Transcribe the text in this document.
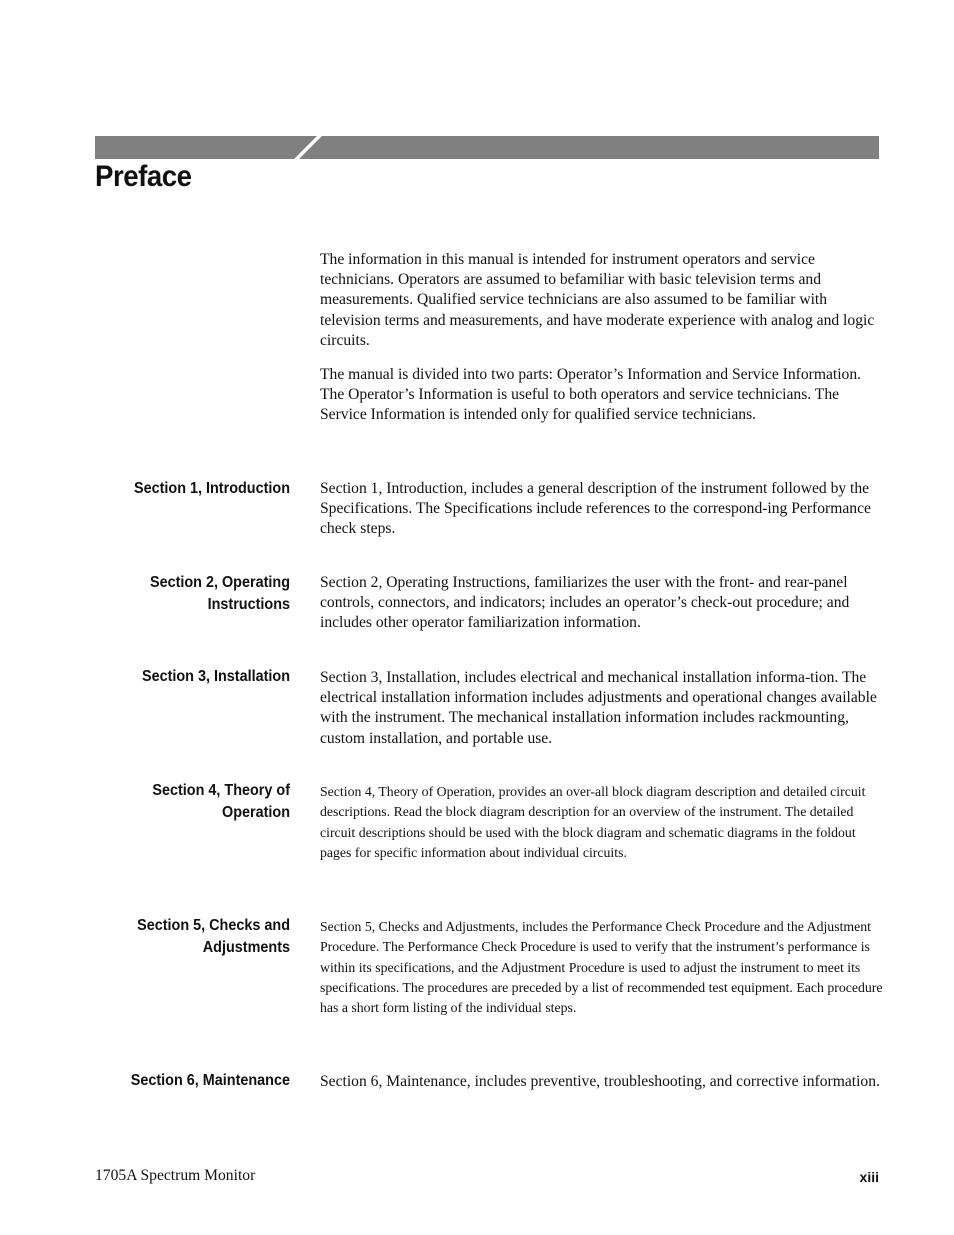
Preface

The information in this manual is intended for instrument operators and service technicians. Operators are assumed to befamiliar with basic television terms and measurements. Qualified service technicians are also assumed to be familiar with television terms and measurements, and have moderate experience with analog and logic circuits.

The manual is divided into two parts: Operator’s Information and Service Information. The Operator’s Information is useful to both operators and service technicians. The Service Information is intended only for qualified service technicians.

Section 1, Introduction Section 1, Introduction, includes a general description of the instrument followed by the Specifications. The Specifications include references to the correspond-ing Performance check steps.

Section 2, Operating
Instructions

Section 2, Operating Instructions, familiarizes the user with the front- and rear-panel controls, connectors, and indicators; includes an operator’s check-out procedure; and includes other operator familiarization information.

Section 3, Installation Section 3, Installation, includes electrical and mechanical installation informa-tion. The electrical installation information includes adjustments and operational changes available with the instrument. The mechanical installation information includes rackmounting, custom installation, and portable use.

Section 4, Theory of
Operation

Section 4, Theory of Operation, provides an over-all block diagram description and detailed circuit descriptions. Read the block diagram description for an overview of the instrument. The detailed circuit descriptions should be used with the block diagram and schematic diagrams in the foldout pages for specific information about individual circuits.

Section 5, Checks and
Adjustments

Section 5, Checks and Adjustments, includes the Performance Check Procedure and the Adjustment Procedure. The Performance Check Procedure is used to verify that the instrument’s performance is within its specifications, and the Adjustment Procedure is used to adjust the instrument to meet its specifications. The procedures are preceded by a list of recommended test equipment. Each procedure has a short form listing of the individual steps.

Section 6, Maintenance Section 6, Maintenance, includes preventive, troubleshooting, and corrective information.

1705A Spectrum Monitor	xiii
